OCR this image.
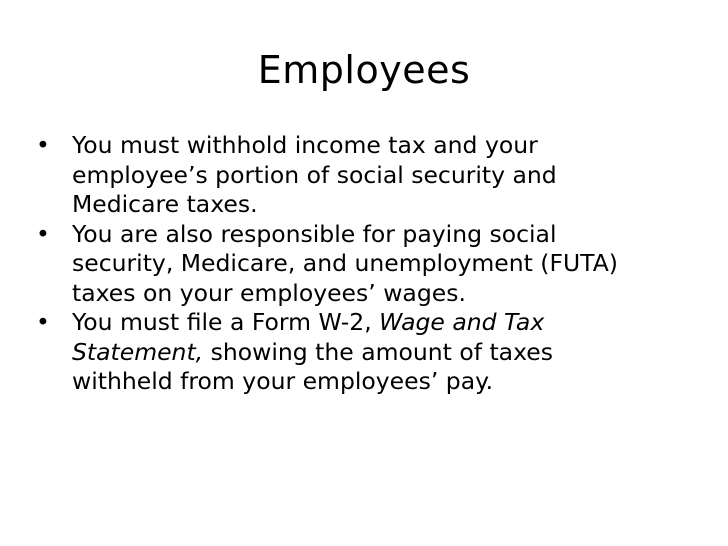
Employees
• You must withhold income tax and your
employee’s portion of social security and
Medicare taxes.
• You are also responsible for paying social
security, Medicare, and unemployment (FUTA)
taxes on your employees’ wages.
• You must file a Form W-2, Wage and Tax
Statement, showing the amount of taxes
withheld from your employees’ pay.
